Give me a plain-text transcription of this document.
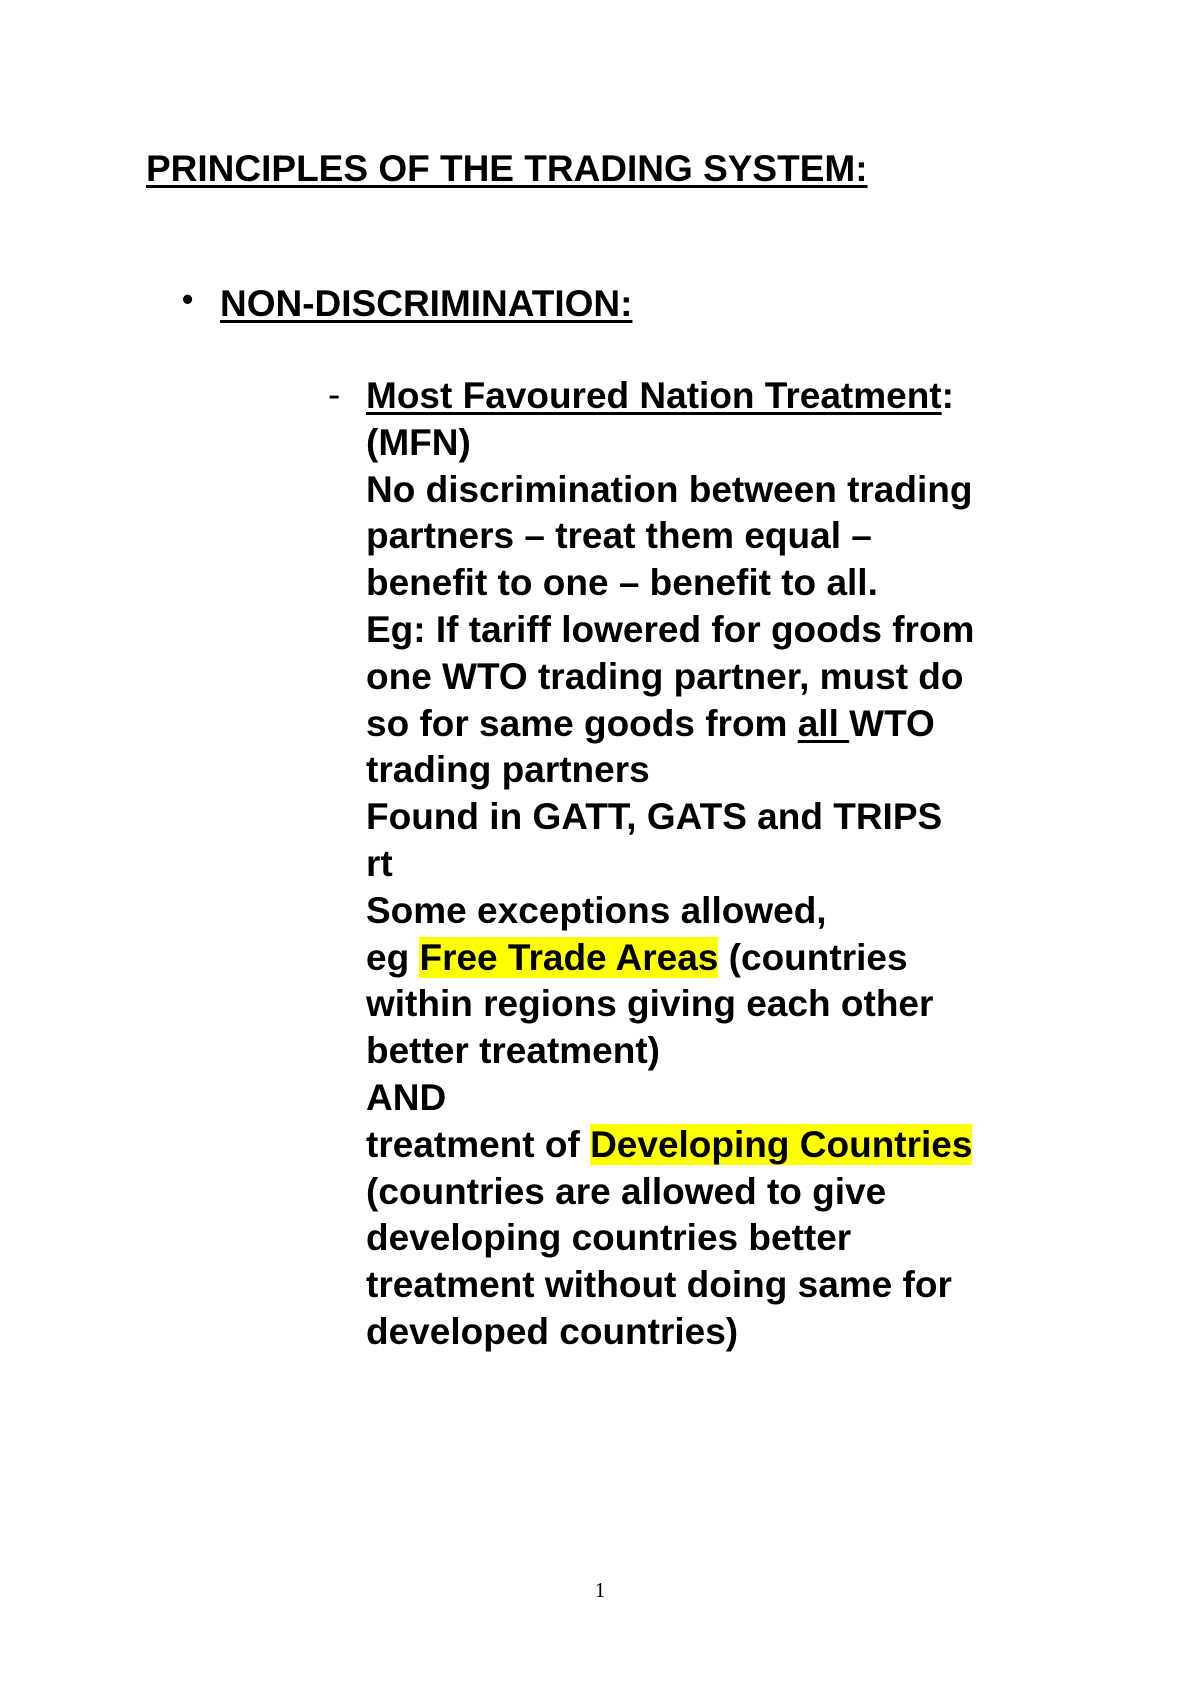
PRINCIPLES OF THE TRADING SYSTEM:
• NON-DISCRIMINATION:
- Most Favoured Nation Treatment:
(MFN)
No discrimination between trading
partners – treat them equal –
benefit to one – benefit to all.
Eg: If tariff lowered for goods from
one WTO trading partner, must do
so for same goods from all WTO
trading partners
Found in GATT, GATS and TRIPS
rt
Some exceptions allowed,
eg Free Trade Areas (countries
within regions giving each other
better treatment)
AND
treatment of Developing Countries
(countries are allowed to give
developing countries better
treatment without doing same for
developed countries)
1
